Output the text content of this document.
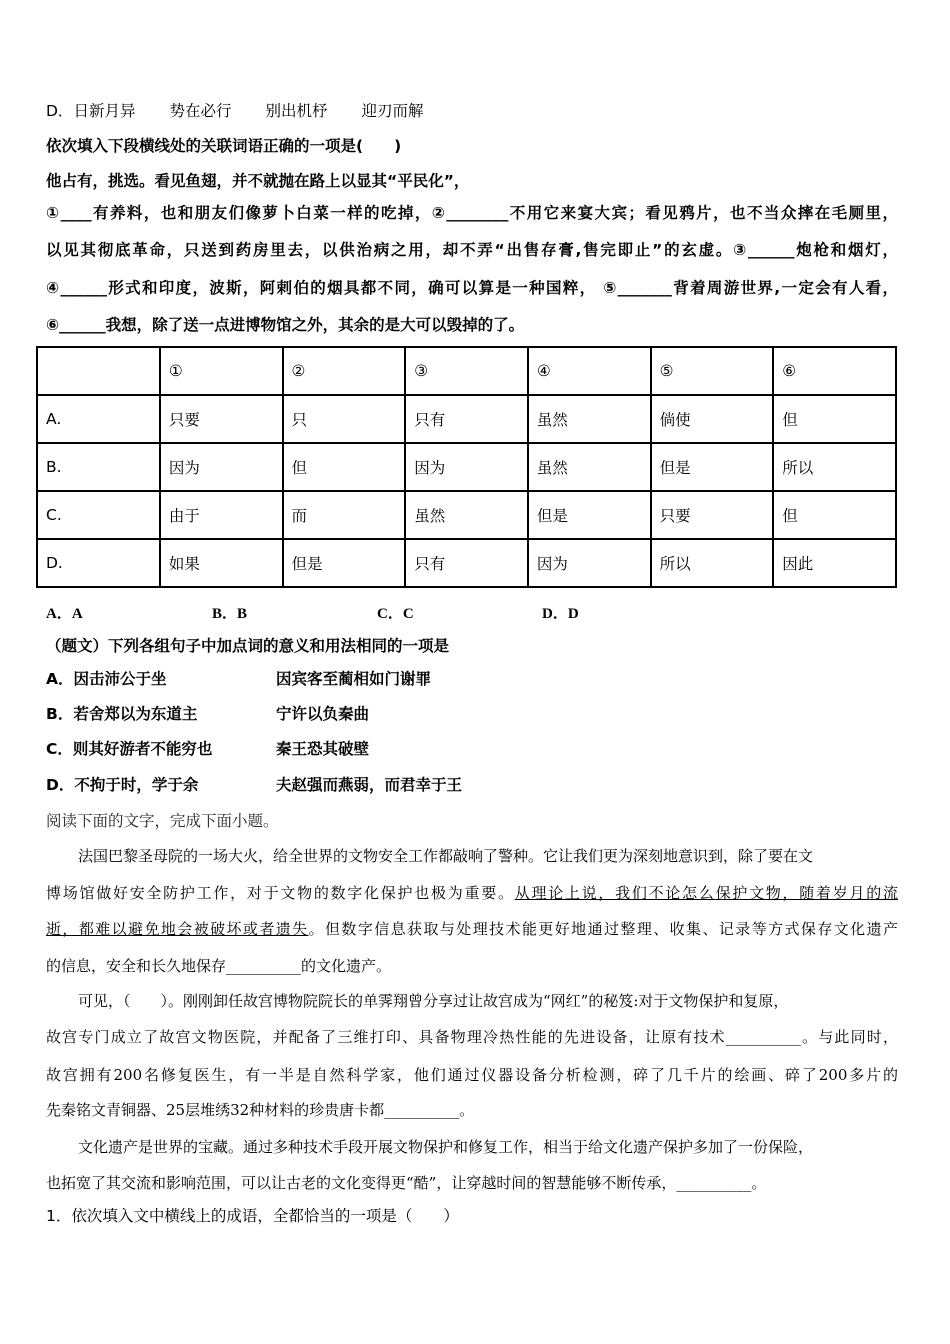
D．日新月异 势在必行 别出机杼 迎刃而解
依次填入下段横线处的关联词语正确的一项是(　　)
他占有，挑选。看见鱼翅，并不就抛在路上以显其“平民化”，
①____有养料，也和朋友们像萝卜白菜一样的吃掉，②________不用它来宴大宾；看见鸦片，也不当众摔在毛厕里，
以见其彻底革命，只送到药房里去，以供治病之用，却不弄“出售存膏,售完即止”的玄虚。③______炮枪和烟灯，
④______形式和印度，波斯，阿剌伯的烟具都不同，确可以算是一种国粹， ⑤_______背着周游世界,一定会有人看，
⑥______我想，除了送一点进博物馆之外，其余的是大可以毁掉的了。
	①	②	③	④	⑤	⑥
A.	只要	只	只有	虽然	倘使	但
B.	因为	但	因为	虽然	但是	所以
C.	由于	而	虽然	但是	只要	但
D.	如果	但是	只有	因为	所以	因此
A．A	B．B	C．C	D．D
（题文）下列各组句子中加点词的意义和用法相同的一项是
A．因击沛公于坐	因宾客至蔺相如门谢罪
B．若舍郑以为东道主	宁许以负秦曲
C．则其好游者不能穷也	秦王恐其破壁
D．不拘于时，学于余	夫赵强而燕弱，而君幸于王
阅读下面的文字，完成下面小题。
法国巴黎圣母院的一场大火，给全世界的文物安全工作都敲响了警种。它让我们更为深刻地意识到，除了要在文
博场馆做好安全防护工作，对于文物的数字化保护也极为重要。从理论上说，我们不论怎么保护文物，随着岁月的流
逝，都难以避免地会被破坏或者遗失。但数字信息获取与处理技术能更好地通过整理、收集、记录等方式保存文化遗产
的信息，安全和长久地保存__________的文化遗产。
可见，（　　）。刚刚卸任故宫博物院院长的单霁翔曾分享过让故宫成为“网红”的秘笈:对于文物保护和复原，
故宫专门成立了故宫文物医院，并配备了三维打印、具备物理冷热性能的先进设备，让原有技术__________。与此同时，
故宫拥有200名修复医生，有一半是自然科学家，他们通过仪器设备分析检测，碎了几千片的绘画、碎了200多片的
先秦铭文青铜器、25层堆绣32种材料的珍贵唐卡都__________。
文化遗产是世界的宝藏。通过多种技术手段开展文物保护和修复工作，相当于给文化遗产保护多加了一份保险，
也拓宽了其交流和影响范围，可以让古老的文化变得更“酷”，让穿越时间的智慧能够不断传承，__________。
1．依次填入文中横线上的成语，全都恰当的一项是（　　）
